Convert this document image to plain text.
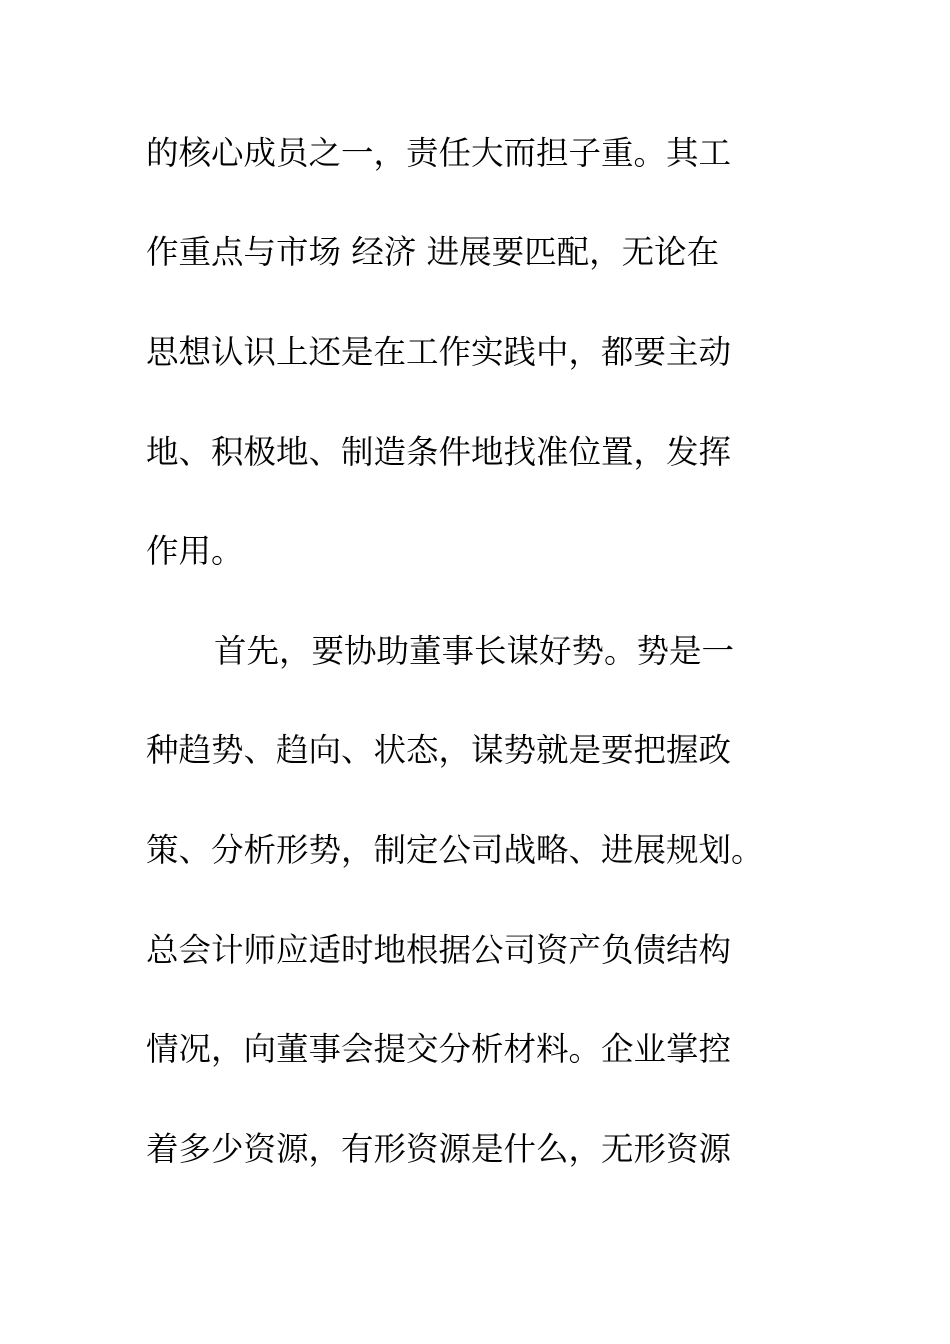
的核心成员之一，责任大而担子重。其工
作重点与市场 经济 进展要匹配，无论在
思想认识上还是在工作实践中，都要主动
地、积极地、制造条件地找准位置，发挥
作用。
首先，要协助董事长谋好势。势是一
种趋势、趋向、状态，谋势就是要把握政
策、分析形势，制定公司战略、进展规划。
总会计师应适时地根据公司资产负债结构
情况，向董事会提交分析材料。企业掌控
着多少资源，有形资源是什么，无形资源
